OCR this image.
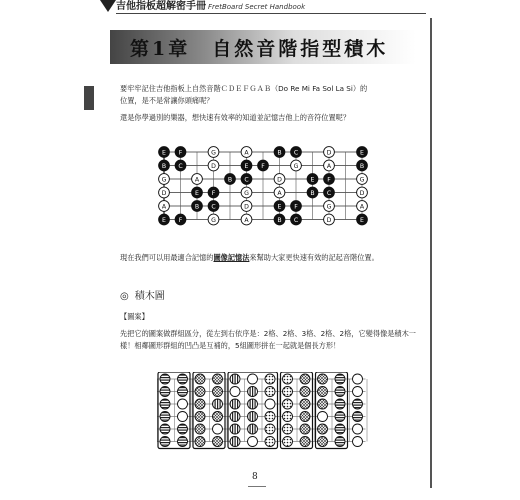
吉他指板超解密手冊 FretBoard Secret Handbook
第1章　自然音階指型積木
要牢牢記住吉他指板上自然音階ＣＤＥＦＧＡＢ（Do Re Mi Fa Sol La Si）的位置，是不是常讓你頭痛呢？
還是你學過別的樂器，想快速有效率的知道並記憶吉他上的音符位置呢？
E F	G	A	B C	D	E
B C	D	E F	G	A	B
G	A	B C	D	E F	G
D	E F	G	A	B C	D
A	B C	D	E F	G	A
E F	G	A	B C	D	E
現在我們可以用最適合記憶的圖像記憶法來幫助大家更快速有效的記起音階位置。
◎ 積木圖
【圖案】
先把它的圖案做群組區分，從左到右依序是：2格、2格、3格、2格、2格，它變得像是積木一樣！相鄰圖形群組的凹凸是互補的，5組圖形拼在一起就是個長方形！
8
